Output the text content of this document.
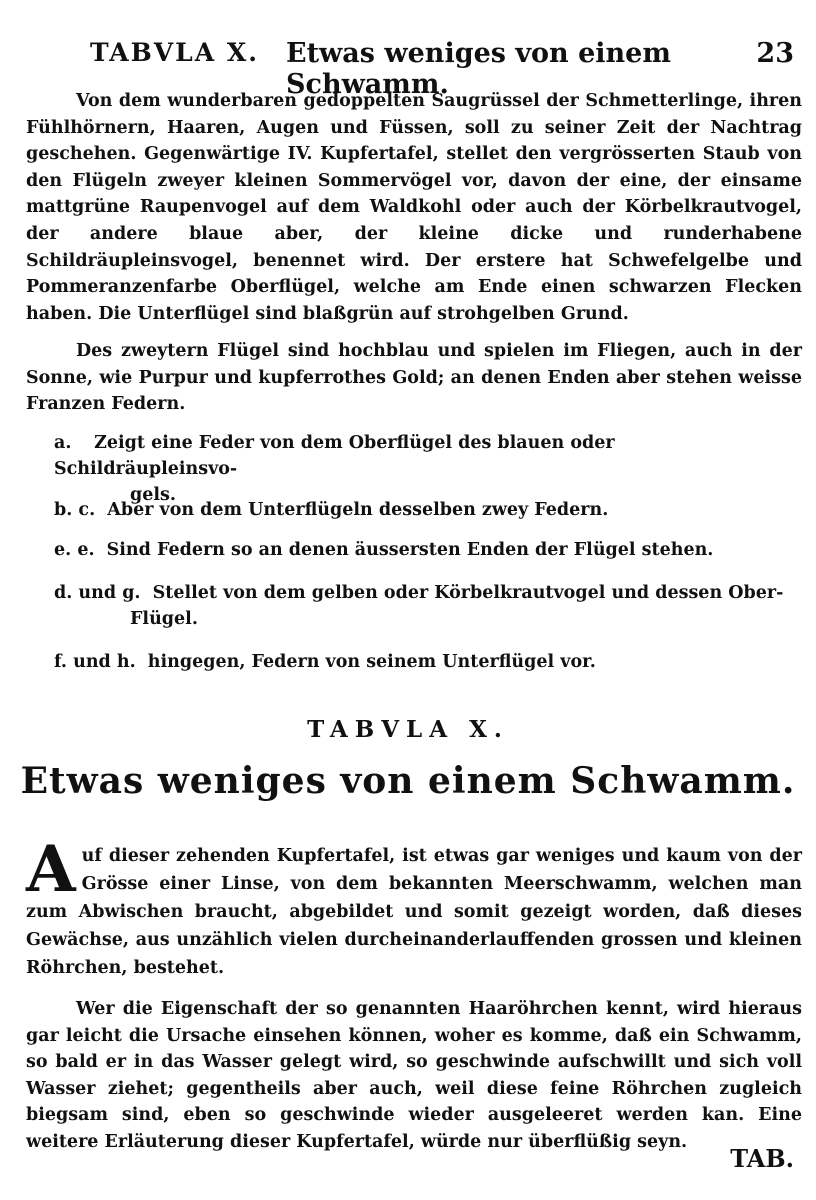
TABVLA X. Etwas weniges von einem Schwamm.
23
Von dem wunderbaren gedoppelten Saugrüssel der Schmetterlinge, ihren Fühlhörnern, Haaren, Augen und Füssen, soll zu seiner Zeit der Nachtrag geschehen. Gegenwärtige IV. Kupfertafel, stellet den vergrösserten Staub von den Flügeln zweyer kleinen Sommervögel vor, davon der eine, der einsame mattgrüne Raupenvogel auf dem Waldkohl oder auch der Körbelkrautvogel, der andere blaue aber, der kleine dicke und runderhabene Schildräupleinsvogel, benennet wird. Der erstere hat Schwefelgelbe und Pommeranzenfarbe Oberflügel, welche am Ende einen schwarzen Flecken haben. Die Unterflügel sind blaßgrün auf strohgelben Grund.
Des zweytern Flügel sind hochblau und spielen im Fliegen, auch in der Sonne, wie Purpur und kupferrothes Gold; an denen Enden aber stehen weisse Franzen Federn.
a. Zeigt eine Feder von dem Oberflügel des blauen oder Schildräupleinsvo-
gels.
b. c. Aber von dem Unterflügeln desselben zwey Federn.
e. e. Sind Federn so an denen äussersten Enden der Flügel stehen.
d. und g. Stellet von dem gelben oder Körbelkrautvogel und dessen Ober-
Flügel.
f. und h. hingegen, Federn von seinem Unterflügel vor.
TABVLA X.
Etwas weniges von einem Schwamm.
Auf dieser zehenden Kupfertafel, ist etwas gar weniges und kaum von der Grösse einer Linse, von dem bekannten Meerschwamm, welchen man zum Abwischen braucht, abgebildet und somit gezeigt worden, daß dieses Gewächse, aus unzählich vielen durcheinanderlauffenden grossen und kleinen Röhrchen, bestehet.
Wer die Eigenschaft der so genannten Haaröhrchen kennt, wird hieraus gar leicht die Ursache einsehen können, woher es komme, daß ein Schwamm, so bald er in das Wasser gelegt wird, so geschwinde aufschwillt und sich voll Wasser ziehet; gegentheils aber auch, weil diese feine Röhrchen zugleich biegsam sind, eben so geschwinde wieder ausgeleeret werden kan. Eine weitere Erläuterung dieser Kupfertafel, würde nur überflüßig seyn.
TAB.
